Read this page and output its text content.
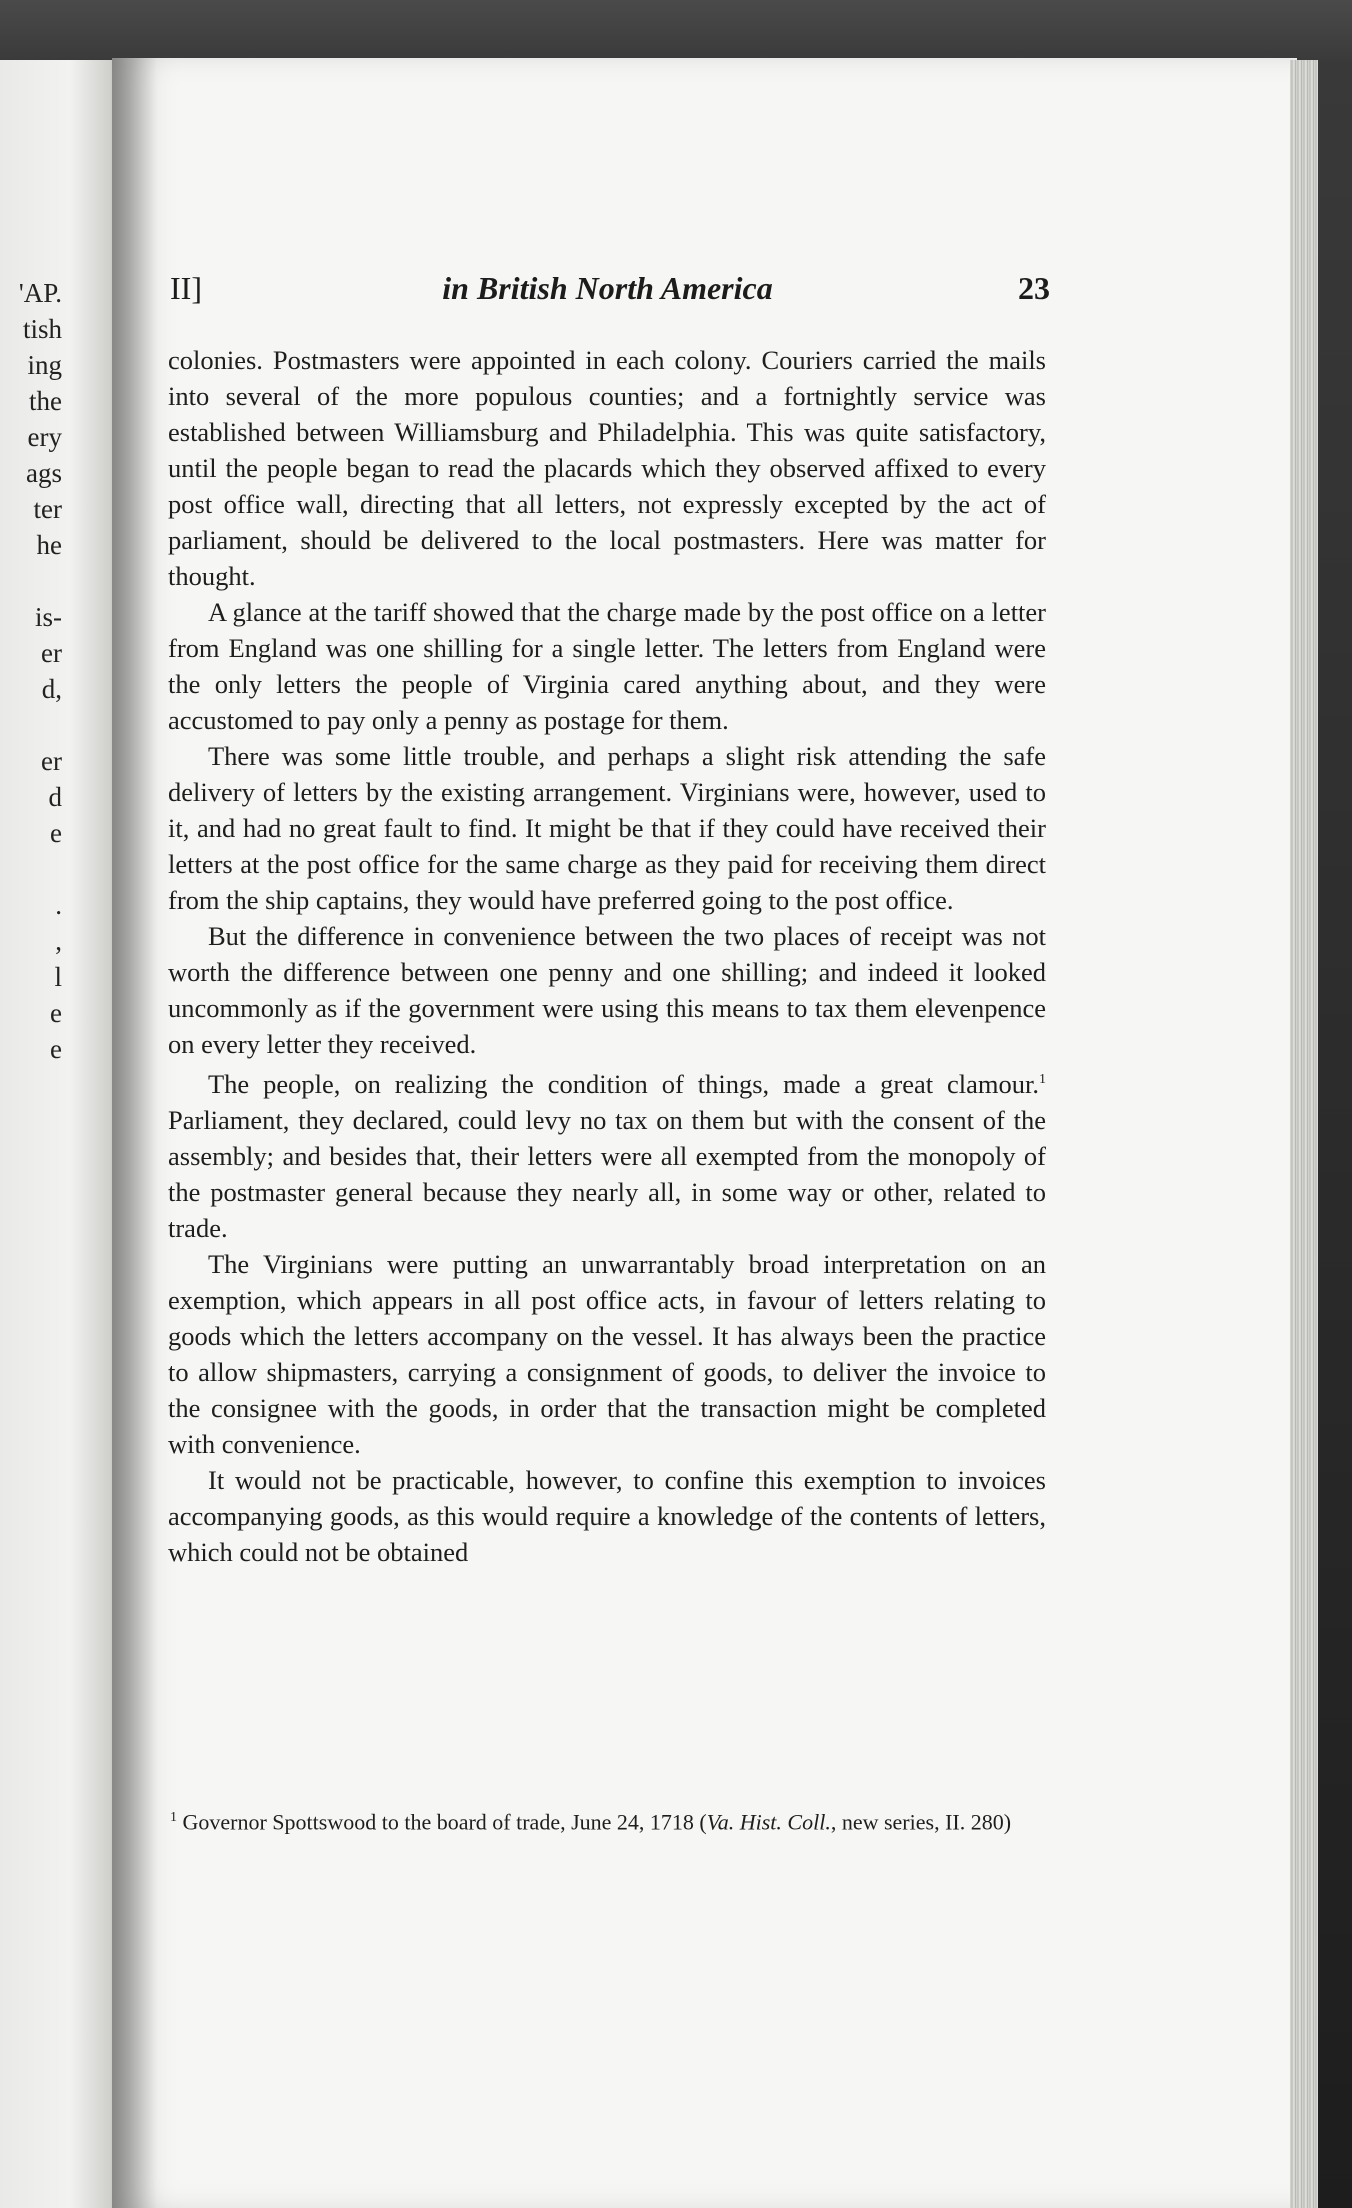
'AP.
tish
ing
the
ery
ags
ter
he

is-
er
d,

er
d
e

.
,
l
e
e
II]	in British North America	23

colonies. Postmasters were appointed in each colony. Couriers carried the mails into several of the more populous counties; and a fortnightly service was established between Williamsburg and Philadelphia. This was quite satisfactory, until the people began to read the placards which they observed affixed to every post office wall, directing that all letters, not expressly excepted by the act of parliament, should be delivered to the local postmasters. Here was matter for thought.

A glance at the tariff showed that the charge made by the post office on a letter from England was one shilling for a single letter. The letters from England were the only letters the people of Virginia cared anything about, and they were accustomed to pay only a penny as postage for them.

There was some little trouble, and perhaps a slight risk attending the safe delivery of letters by the existing arrangement. Virginians were, however, used to it, and had no great fault to find. It might be that if they could have received their letters at the post office for the same charge as they paid for receiving them direct from the ship captains, they would have preferred going to the post office.

But the difference in convenience between the two places of receipt was not worth the difference between one penny and one shilling; and indeed it looked uncommonly as if the government were using this means to tax them elevenpence on every letter they received.

The people, on realizing the condition of things, made a great clamour.$^1$ Parliament, they declared, could levy no tax on them but with the consent of the assembly; and besides that, their letters were all exempted from the monopoly of the postmaster general because they nearly all, in some way or other, related to trade.

The Virginians were putting an unwarrantably broad interpretation on an exemption, which appears in all post office acts, in favour of letters relating to goods which the letters accompany on the vessel. It has always been the practice to allow shipmasters, carrying a consignment of goods, to deliver the invoice to the consignee with the goods, in order that the transaction might be completed with convenience.

It would not be practicable, however, to confine this exemption to invoices accompanying goods, as this would require a knowledge of the contents of letters, which could not be obtained

$^1$ Governor Spottswood to the board of trade, June 24, 1718 (Va. Hist. Coll., new series, II. 280)
